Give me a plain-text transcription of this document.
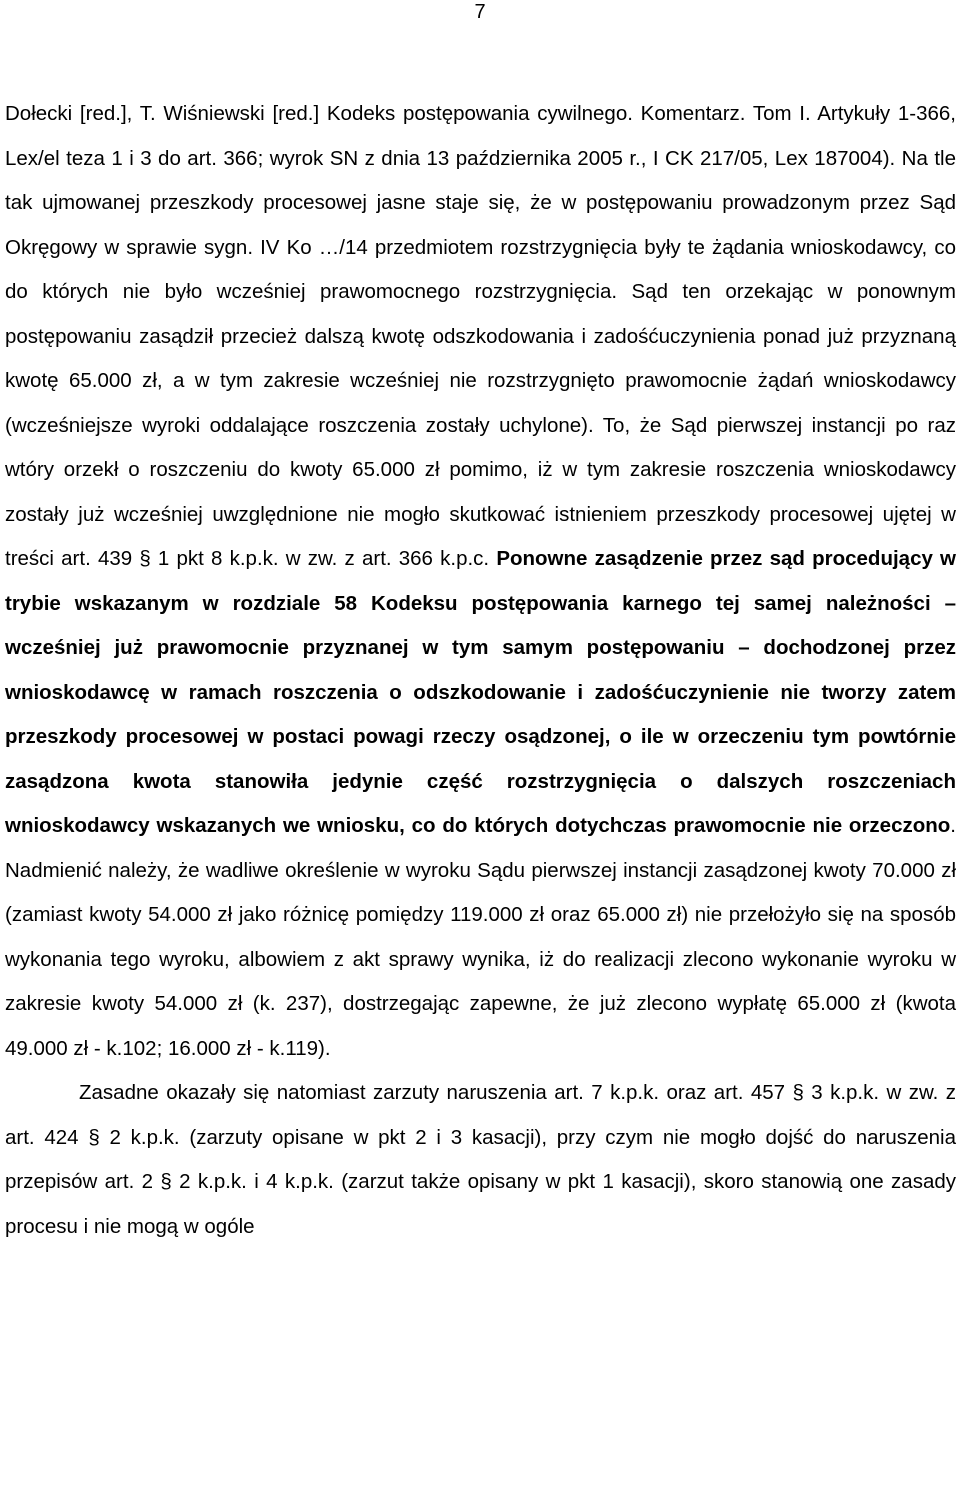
7

Dołecki [red.], T. Wiśniewski [red.] Kodeks postępowania cywilnego. Komentarz. Tom I. Artykuły 1-366, Lex/el teza 1 i 3 do art. 366; wyrok SN z dnia 13 października 2005 r., I CK 217/05, Lex 187004). Na tle tak ujmowanej przeszkody procesowej jasne staje się, że w postępowaniu prowadzonym przez Sąd Okręgowy w sprawie sygn. IV Ko …/14 przedmiotem rozstrzygnięcia były te żądania wnioskodawcy, co do których nie było wcześniej prawomocnego rozstrzygnięcia. Sąd ten orzekając w ponownym postępowaniu zasądził przecież dalszą kwotę odszkodowania i zadośćuczynienia ponad już przyznaną kwotę 65.000 zł, a w tym zakresie wcześniej nie rozstrzygnięto prawomocnie żądań wnioskodawcy (wcześniejsze wyroki oddalające roszczenia zostały uchylone). To, że Sąd pierwszej instancji po raz wtóry orzekł o roszczeniu do kwoty 65.000 zł pomimo, iż w tym zakresie roszczenia wnioskodawcy zostały już wcześniej uwzględnione nie mogło skutkować istnieniem przeszkody procesowej ujętej w treści art. 439 § 1 pkt 8 k.p.k. w zw. z art. 366 k.p.c. Ponowne zasądzenie przez sąd procedujący w trybie wskazanym w rozdziale 58 Kodeksu postępowania karnego tej samej należności – wcześniej już prawomocnie przyznanej w tym samym postępowaniu – dochodzonej przez wnioskodawcę w ramach roszczenia o odszkodowanie i zadośćuczynienie nie tworzy zatem przeszkody procesowej w postaci powagi rzeczy osądzonej, o ile w orzeczeniu tym powtórnie zasądzona kwota stanowiła jedynie część rozstrzygnięcia o dalszych roszczeniach wnioskodawcy wskazanych we wniosku, co do których dotychczas prawomocnie nie orzeczono. Nadmienić należy, że wadliwe określenie w wyroku Sądu pierwszej instancji zasądzonej kwoty 70.000 zł (zamiast kwoty 54.000 zł jako różnicę pomiędzy 119.000 zł oraz 65.000 zł) nie przełożyło się na sposób wykonania tego wyroku, albowiem z akt sprawy wynika, iż do realizacji zlecono wykonanie wyroku w zakresie kwoty 54.000 zł (k. 237), dostrzegając zapewne, że już zlecono wypłatę 65.000 zł (kwota 49.000 zł - k.102; 16.000 zł - k.119).

Zasadne okazały się natomiast zarzuty naruszenia art. 7 k.p.k. oraz art. 457 § 3 k.p.k. w zw. z art. 424 § 2 k.p.k. (zarzuty opisane w pkt 2 i 3 kasacji), przy czym nie mogło dojść do naruszenia przepisów art. 2 § 2 k.p.k. i 4 k.p.k. (zarzut także opisany w pkt 1 kasacji), skoro stanowią one zasady procesu i nie mogą w ogóle
